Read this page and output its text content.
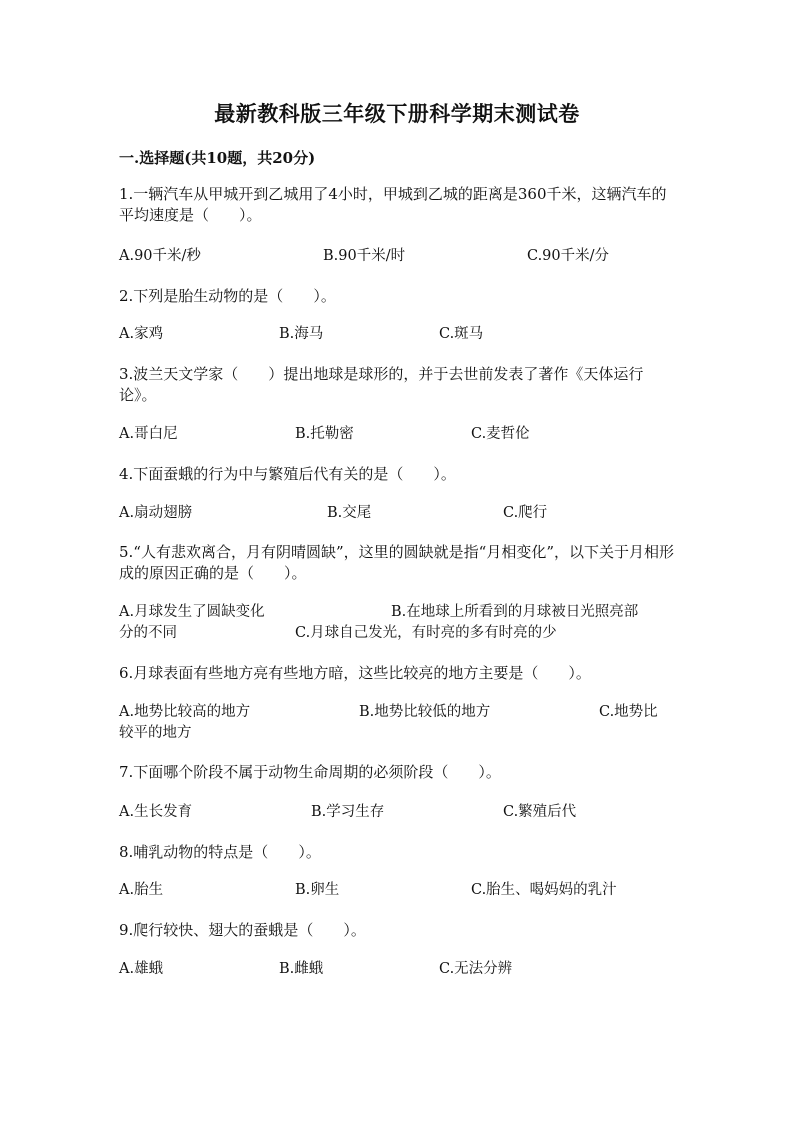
最新教科版三年级下册科学期末测试卷
一.选择题(共10题，共20分)
1.一辆汽车从甲城开到乙城用了4小时，甲城到乙城的距离是360千米，这辆汽车的平均速度是（　　）。
A.90千米/秒	B.90千米/时	C.90千米/分
2.下列是胎生动物的是（　　）。
A.家鸡	B.海马	C.斑马
3.波兰天文学家（　　）提出地球是球形的，并于去世前发表了著作《天体运行论》。
A.哥白尼	B.托勒密	C.麦哲伦
4.下面蚕蛾的行为中与繁殖后代有关的是（　　）。
A.扇动翅膀	B.交尾	C.爬行
5.“人有悲欢离合，月有阴晴圆缺”，这里的圆缺就是指“月相变化”，以下关于月相形成的原因正确的是（　　）。
A.月球发生了圆缺变化	B.在地球上所看到的月球被日光照亮部
分的不同	C.月球自己发光，有时亮的多有时亮的少
6.月球表面有些地方亮有些地方暗，这些比较亮的地方主要是（　　）。
A.地势比较高的地方	B.地势比较低的地方	C.地势比
较平的地方
7.下面哪个阶段不属于动物生命周期的必须阶段（　　）。
A.生长发育	B.学习生存	C.繁殖后代
8.哺乳动物的特点是（　　）。
A.胎生	B.卵生	C.胎生、喝妈妈的乳汁
9.爬行较快、翅大的蚕蛾是（　　）。
A.雄蛾	B.雌蛾	C.无法分辨
